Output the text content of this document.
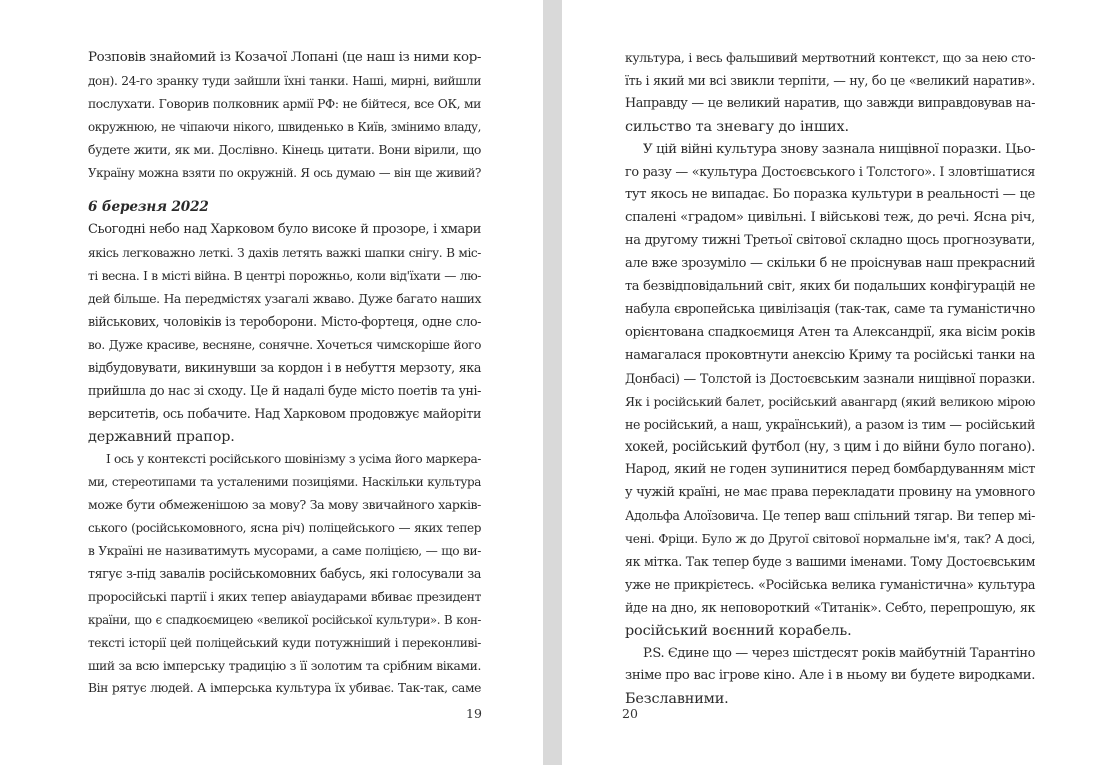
Розповів знайомий із Козачої Лопані (це наш із ними кор-
дон). 24-го зранку туди зайшли їхні танки. Наші, мирні, вийшли
послухати. Говорив полковник армії РФ: не бійтеся, все ОК, ми
окружнюю, не чіпаючи нікого, швиденько в Київ, змінимо владу,
будете жити, як ми. Дослівно. Кінець цитати. Вони вірили, що
Україну можна взяти по окружній. Я ось думаю — він ще живий?
6 березня 2022
Сьогодні небо над Харковом було високе й прозоре, і хмари
якісь легковажно леткі. З дахів летять важкі шапки снігу. В міс-
ті весна. І в місті війна. В центрі порожньо, коли від'їхати — лю-
дей більше. На передмістях узагалі жваво. Дуже багато наших
військових, чоловіків із тероборони. Місто-фортеця, одне сло-
во. Дуже красиве, весняне, сонячне. Хочеться чимскоріше його
відбудовувати, викинувши за кордон і в небуття мерзоту, яка
прийшла до нас зі сходу. Це й надалі буде місто поетів та уні-
верситетів, ось побачите. Над Харковом продовжує майоріти
державний прапор.
І ось у контексті російського шовінізму з усіма його маркера-
ми, стереотипами та усталеними позиціями. Наскільки культура
може бути обмеженішою за мову? За мову звичайного харків-
ського (російськомовного, ясна річ) поліцейського — яких тепер
в Україні не називатимуть мусорами, а саме поліцією, — що ви-
тягує з-під завалів російськомовних бабусь, які голосували за
проросійські партії і яких тепер авіаударами вбиває президент
країни, що є спадкоємицею «великої російської культури». В кон-
тексті історії цей поліцейський куди потужніший і переконливі-
ший за всю імперську традицію з її золотим та срібним віками.
Він рятує людей. А імперська культура їх убиває. Так-так, саме
19
культура, і весь фальшивий мертвотний контекст, що за нею сто-
їть і який ми всі звикли терпіти, — ну, бо це «великий наратив».
Направду — це великий наратив, що завжди виправдовував на-
сильство та зневагу до інших.
У цій війні культура знову зазнала нищівної поразки. Цьо-
го разу — «культура Достоєвського і Толстого». І зловтішатися
тут якось не випадає. Бо поразка культури в реальності — це
спалені «градом» цивільні. І військові теж, до речі. Ясна річ,
на другому тижні Третьої світової складно щось прогнозувати,
але вже зрозуміло — скільки б не проіснував наш прекрасний
та безвідповідальний світ, яких би подальших конфігурацій не
набула європейська цивілізація (так-так, саме та гуманістично
орієнтована спадкоємиця Атен та Александрії, яка вісім років
намагалася проковтнути анексію Криму та російські танки на
Донбасі) — Толстой із Достоєвським зазнали нищівної поразки.
Як і російський балет, російський авангард (який великою мірою
не російський, а наш, український), а разом із тим — російський
хокей, російський футбол (ну, з цим і до війни було погано).
Народ, який не годен зупинитися перед бомбардуванням міст
у чужій країні, не має права перекладати провину на умовного
Адольфа Алоїзовича. Це тепер ваш спільний тягар. Ви тепер мі-
чені. Фріци. Було ж до Другої світової нормальне ім'я, так? А досі,
як мітка. Так тепер буде з вашими іменами. Тому Достоєвським
уже не прикрієтесь. «Російська велика гуманістична» культура
йде на дно, як неповороткий «Титанік». Себто, перепрошую, як
російський воєнний корабель.
P.S. Єдине що — через шістдесят років майбутній Тарантіно
зніме про вас ігрове кіно. Але і в ньому ви будете виродками.
Безславними.
20
